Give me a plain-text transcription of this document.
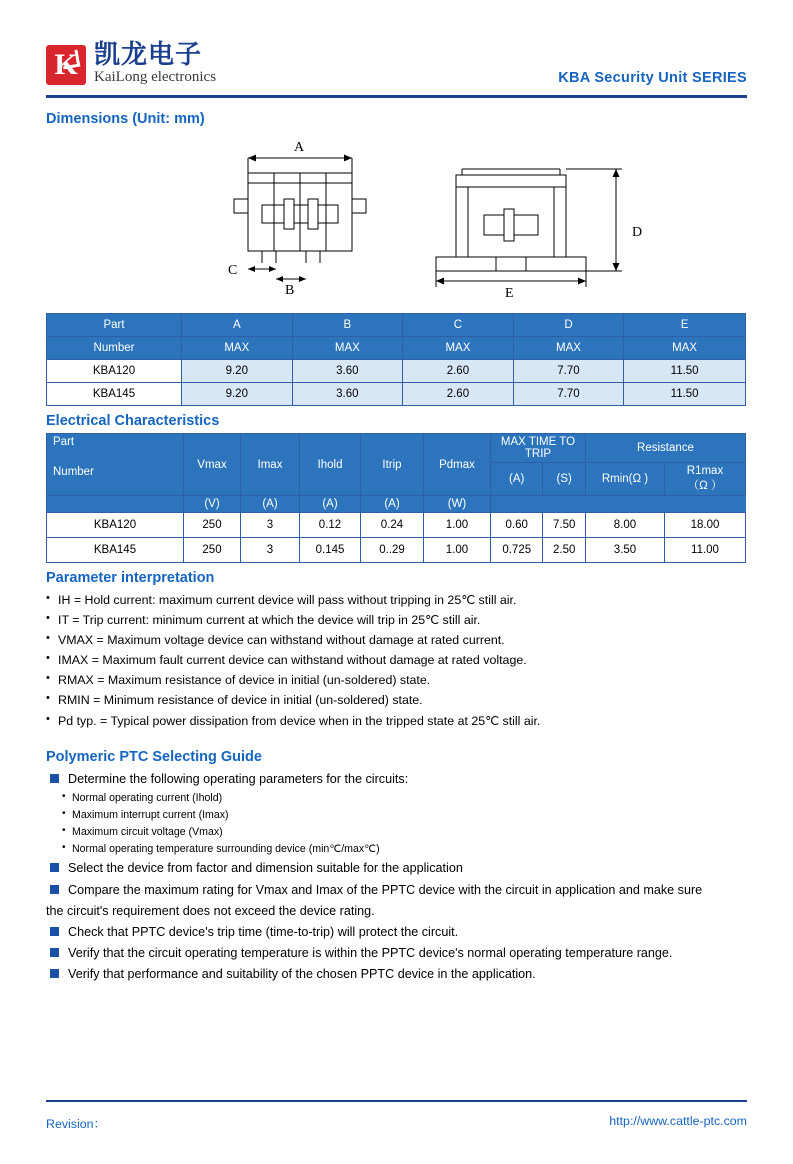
K 凯龙电子
KaiLong electronics	KBA Security Unit SERIES
Dimensions (Unit: mm)
A
B
C
D
E
Part	A	B	C	D	E
Number	MAX	MAX	MAX	MAX	MAX
KBA120	9.20	3.60	2.60	7.70	11.50
KBA145	9.20	3.60	2.60	7.70	11.50
Electrical Characteristics
Part
Number	Vmax	Imax	Ihold	Itrip	Pdmax	MAX TIME TO TRIP		Resistance	
						(A)	(S)	Rmin(Ω )	R1max
（Ω ）

	(V)	(A)	(A)	(A)	(W)				
KBA120	250	3	0.12	0.24	1.00	0.60	7.50	8.00	18.00
KBA145	250	3	0.145	0..29	1.00	0.725	2.50	3.50	11.00
Parameter interpretation
• IH = Hold current: maximum current device will pass without tripping in 25℃ still air.
• IT = Trip current: minimum current at which the device will trip in 25℃ still air.
• VMAX = Maximum voltage device can withstand without damage at rated current.
• IMAX = Maximum fault current device can withstand without damage at rated voltage.
• RMAX = Maximum resistance of device in initial (un-soldered) state.
• RMIN = Minimum resistance of device in initial (un-soldered) state.
• Pd typ. = Typical power dissipation from device when in the tripped state at 25℃ still air.
Polymeric PTC Selecting Guide
Determine the following operating parameters for the circuits:
• Normal operating current (Ihold)
• Maximum interrupt current (Imax)
• Maximum circuit voltage (Vmax)
• Normal operating temperature surrounding device (min℃/max℃)
Select the device from factor and dimension suitable for the application
Compare the maximum rating for Vmax and Imax of the PPTC device with the circuit in application and make sure
the circuit's requirement does not exceed the device rating.
Check that PPTC device's trip time (time-to-trip) will protect the circuit.
Verify that the circuit operating temperature is within the PPTC device's normal operating temperature range.
Verify that performance and suitability of the chosen PPTC device in the application.
Revision：	http://www.cattle-ptc.com
